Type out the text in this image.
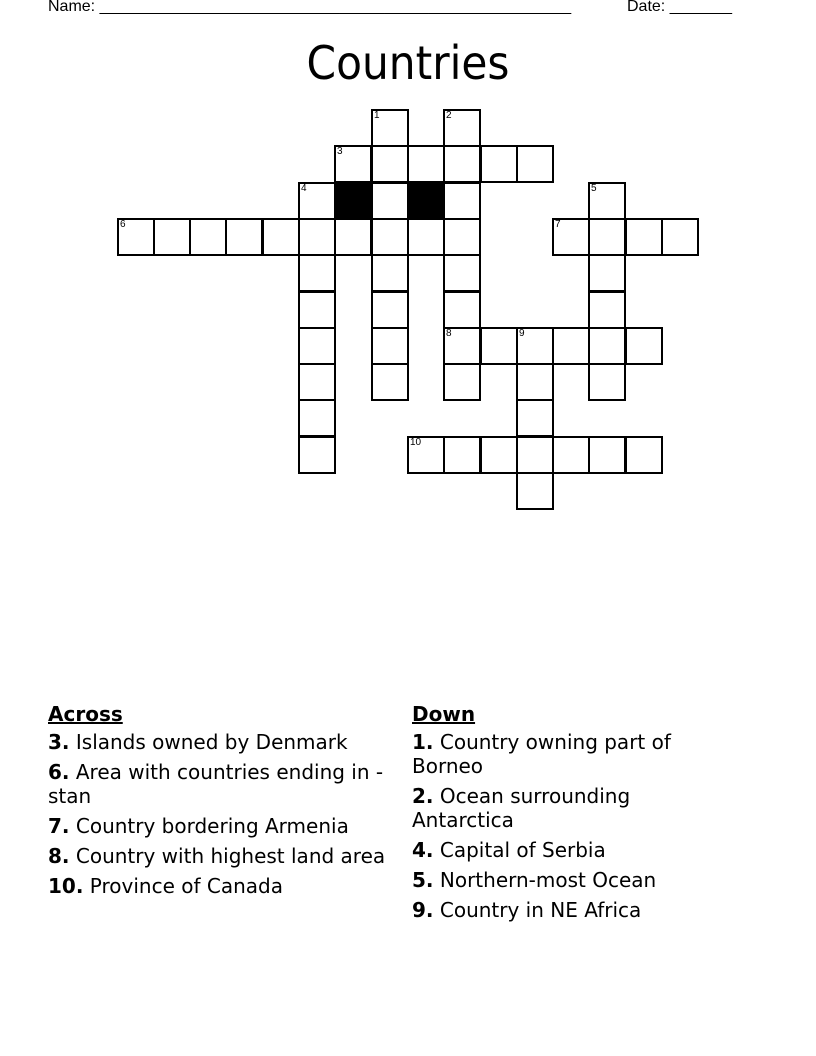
Name: _____________________________________________________	Date: _______
Countries
1	2
8
3
4	5
6	7
9
10
Across
3. Islands owned by Denmark
6. Area with countries ending in -stan
7. Country bordering Armenia
8. Country with highest land area
10. Province of Canada
Down
1. Country owning part of Borneo
2. Ocean surrounding Antarctica
4. Capital of Serbia
5. Northern-most Ocean
9. Country in NE Africa
